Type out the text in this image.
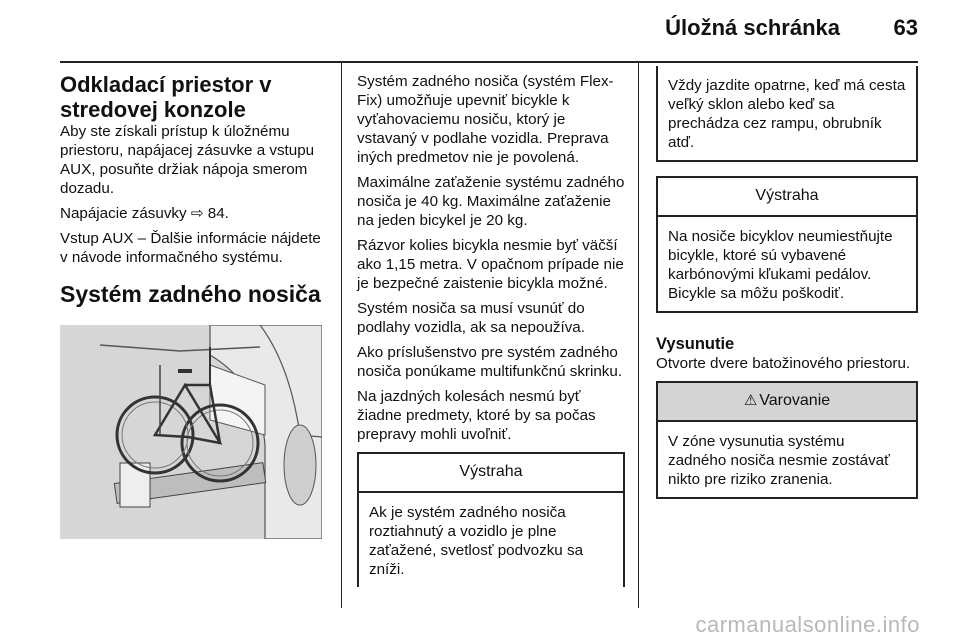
Úložná schránka 63
Odkladací priestor v stredovej konzole

Aby ste získali prístup k úložnému priestoru, napájacej zásuvke a vstupu AUX, posuňte držiak nápoja smerom dozadu.

Napájacie zásuvky ⇨ 84.

Vstup AUX – Ďalšie informácie nájdete v návode informačného systému.

Systém zadného nosiča

Systém zadného nosiča (systém Flex-Fix) umožňuje upevniť bicykle k vyťahovaciemu nosiču, ktorý je vstavaný v podlahe vozidla. Preprava iných predmetov nie je povolená.

Maximálne zaťaženie systému zadného nosiča je 40 kg. Maximálne zaťaženie na jeden bicykel je 20 kg.

Rázvor kolies bicykla nesmie byť väčší ako 1,15 metra. V opačnom prípade nie je bezpečné zaistenie bicykla možné.

Systém nosiča sa musí vsunúť do podlahy vozidla, ak sa nepoužíva.

Ako príslušenstvo pre systém zadného nosiča ponúkame multifunkčnú skrinku.

Na jazdných kolesách nesmú byť žiadne predmety, ktoré by sa počas prepravy mohli uvoľniť.

Výstraha
Ak je systém zadného nosiča roztiahnutý a vozidlo je plne zaťažené, svetlosť podvozku sa zníži.
Vždy jazdite opatrne, keď má cesta veľký sklon alebo keď sa prechádza cez rampu, obrubník atď.
Výstraha
Na nosiče bicyklov neumiestňujte bicykle, ktoré sú vybavené karbónovými kľukami pedálov. Bicykle sa môžu poškodiť.
Vysunutie

Otvorte dvere batožinového priestoru.

⚠ Varovanie
V zóne vysunutia systému zadného nosiča nesmie zostávať nikto pre riziko zranenia.
carmanualsonline.info
